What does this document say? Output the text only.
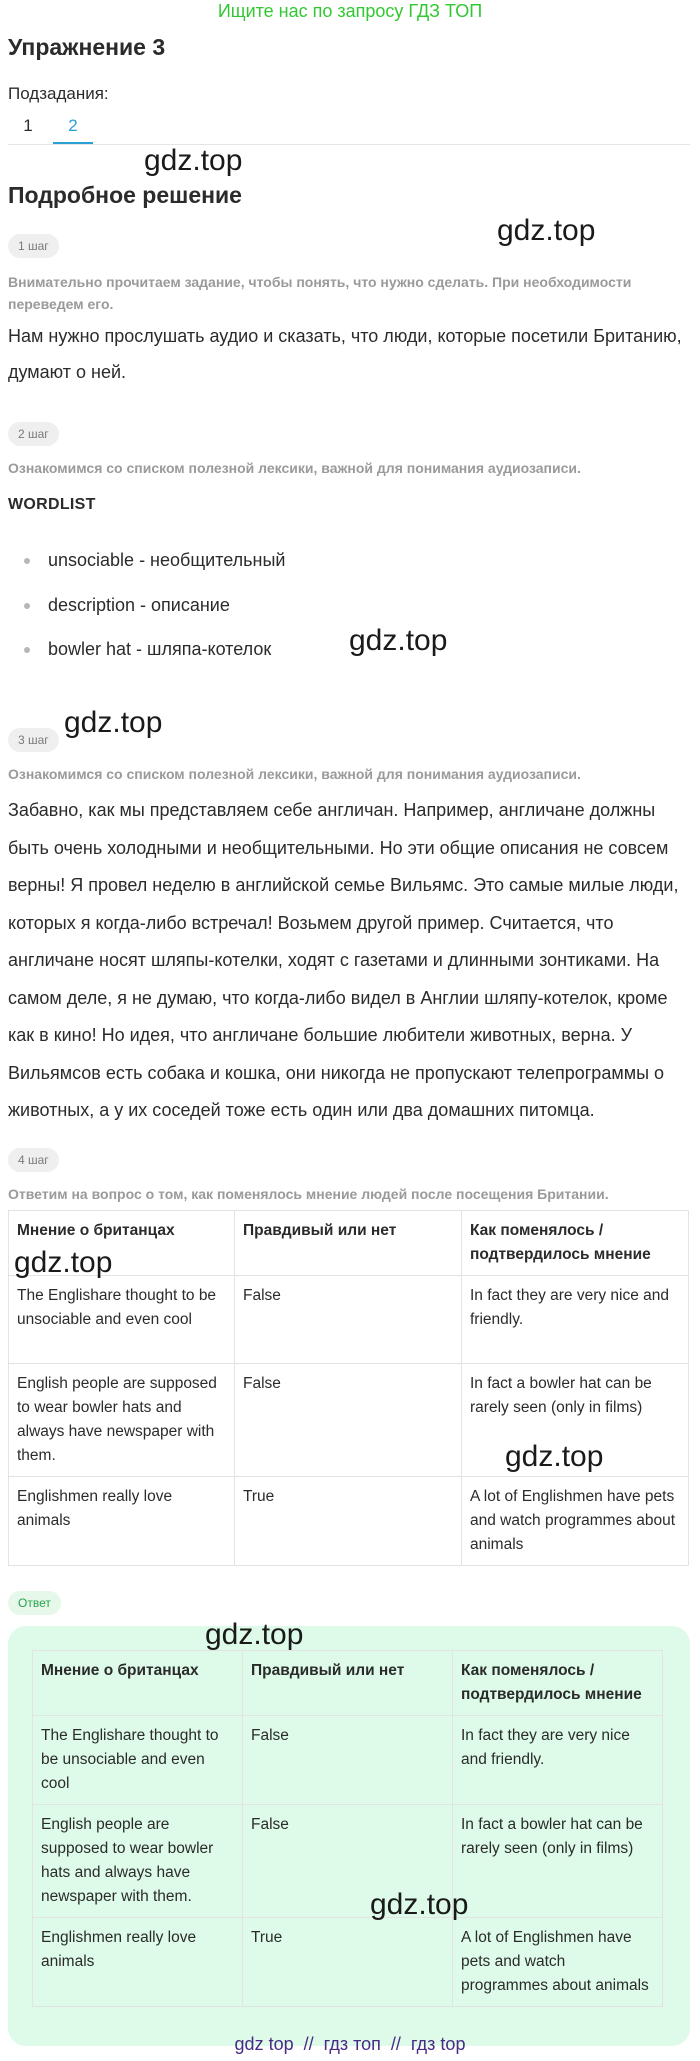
Ищите нас по запросу ГДЗ ТОП
Упражнение 3
Подзадания:
1	2
Подробное решение
1 шаг
Внимательно прочитаем задание, чтобы понять, что нужно сделать. При необходимости переведем его.
Нам нужно прослушать аудио и сказать, что люди, которые посетили Британию, думают о ней.
2 шаг
Ознакомимся со списком полезной лексики, важной для понимания аудиозаписи.
WORDLIST
unsociable - необщительный
description - описание
bowler hat - шляпа-котелок
3 шаг
Ознакомимся со списком полезной лексики, важной для понимания аудиозаписи.
Забавно, как мы представляем себе англичан. Например, англичане должны быть очень холодными и необщительными. Но эти общие описания не совсем верны! Я провел неделю в английской семье Вильямс. Это самые милые люди, которых я когда-либо встречал! Возьмем другой пример. Считается, что англичане носят шляпы-котелки, ходят с газетами и длинными зонтиками. На самом деле, я не думаю, что когда-либо видел в Англии шляпу-котелок, кроме как в кино! Но идея, что англичане большие любители животных, верна. У Вильямсов есть собака и кошка, они никогда не пропускают телепрограммы о животных, а у их соседей тоже есть один или два домашних питомца.
4 шаг
Ответим на вопрос о том, как поменялось мнение людей после посещения Британии.
Мнение о британцах	Правдивый или нет	Как поменялось / подтвердилось мнение
The Englishare thought to be unsociable and even cool	False	In fact they are very nice and friendly.
English people are supposed to wear bowler hats and always have newspaper with them.	False	In fact a bowler hat can be rarely seen (only in films)
Englishmen really love animals	True	A lot of Englishmen have pets and watch programmes about animals
Ответ
Мнение о британцах	Правдивый или нет	Как поменялось / подтвердилось мнение
The Englishare thought to be unsociable and even cool	False	In fact they are very nice and friendly.
English people are supposed to wear bowler hats and always have newspaper with them.	False	In fact a bowler hat can be rarely seen (only in films)
Englishmen really love animals	True	A lot of Englishmen have pets and watch programmes about animals
gdz.top
gdz.top
gdz.top
gdz.top
gdz.top
gdz.top
gdz.top
gdz.top
gdz top  //  гдз топ  //  гдз top
